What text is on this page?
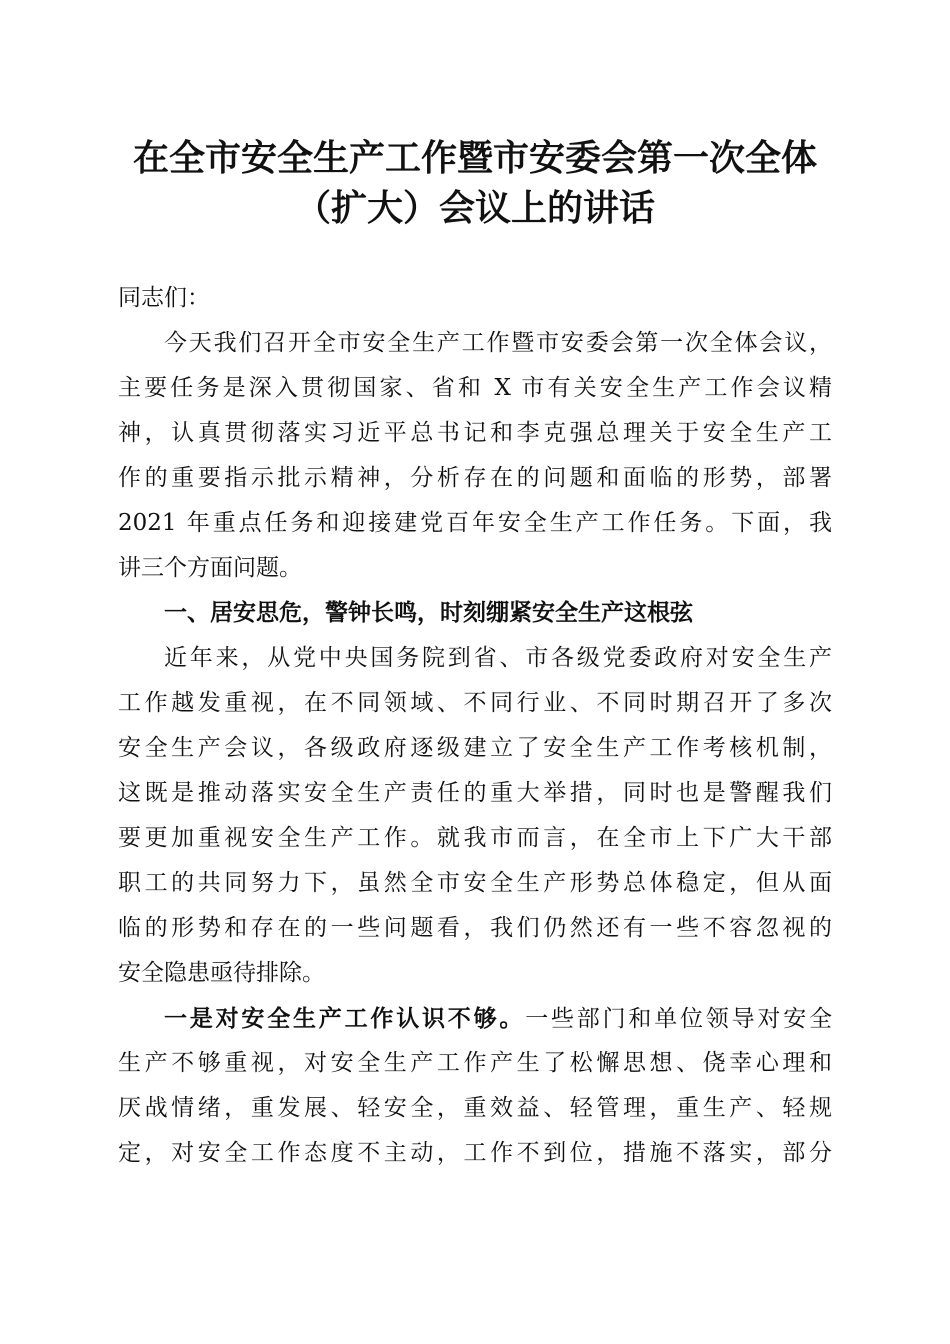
在全市安全生产工作暨市安委会第一次全体
（扩大）会议上的讲话
同志们：
今天我们召开全市安全生产工作暨市安委会第一次全体会议，
主要任务是深入贯彻国家、省和 X 市有关安全生产工作会议精
神，认真贯彻落实习近平总书记和李克强总理关于安全生产工
作的重要指示批示精神，分析存在的问题和面临的形势，部署
2021 年重点任务和迎接建党百年安全生产工作任务。下面，我
讲三个方面问题。
一、居安思危，警钟长鸣，时刻绷紧安全生产这根弦
近年来，从党中央国务院到省、市各级党委政府对安全生产
工作越发重视，在不同领域、不同行业、不同时期召开了多次
安全生产会议，各级政府逐级建立了安全生产工作考核机制，
这既是推动落实安全生产责任的重大举措，同时也是警醒我们
要更加重视安全生产工作。就我市而言，在全市上下广大干部
职工的共同努力下，虽然全市安全生产形势总体稳定，但从面
临的形势和存在的一些问题看，我们仍然还有一些不容忽视的
安全隐患亟待排除。
一是对安全生产工作认识不够。一些部门和单位领导对安全
生产不够重视，对安全生产工作产生了松懈思想、侥幸心理和
厌战情绪，重发展、轻安全，重效益、轻管理，重生产、轻规
定，对安全工作态度不主动，工作不到位，措施不落实，部分
